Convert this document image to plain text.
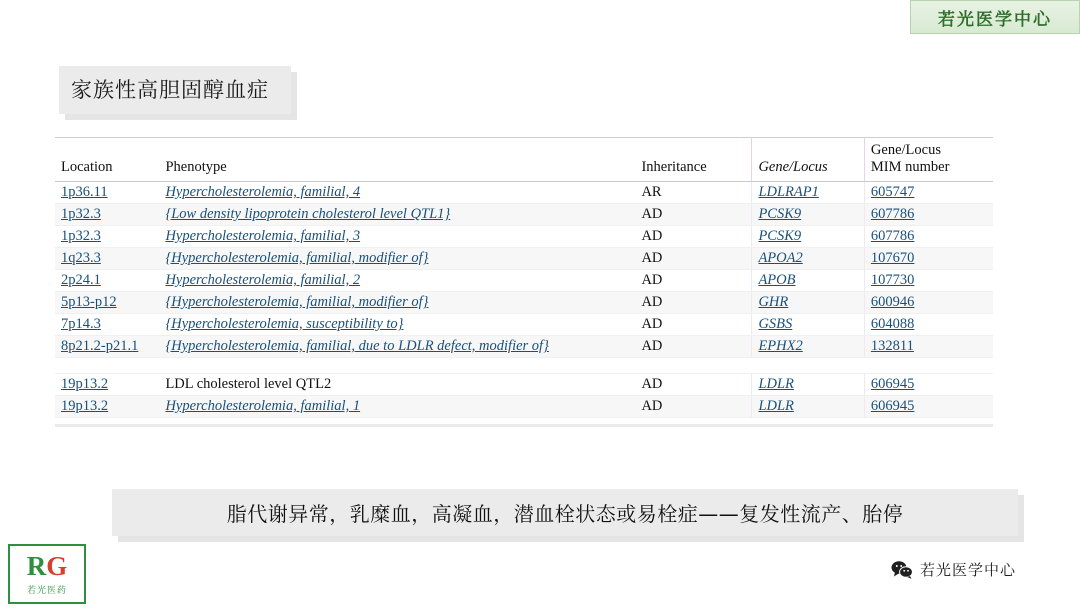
若光医学中心
家族性高胆固醇血症
Location	Phenotype	Inheritance	Gene/Locus	Gene/Locus
MIM number

1p36.11	Hypercholesterolemia, familial, 4	AR	LDLRAP1	605747
1p32.3	{Low density lipoprotein cholesterol level QTL1}	AD	PCSK9	607786
1p32.3	Hypercholesterolemia, familial, 3	AD	PCSK9	607786
1q23.3	{Hypercholesterolemia, familial, modifier of}	AD	APOA2	107670
2p24.1	Hypercholesterolemia, familial, 2	AD	APOB	107730
5p13-p12	{Hypercholesterolemia, familial, modifier of}	AD	GHR	600946
7p14.3	{Hypercholesterolemia, susceptibility to}	AD	GSBS	604088
8p21.2-p21.1	{Hypercholesterolemia, familial, due to LDLR defect, modifier of}	AD	EPHX2	132811

19p13.2	LDL cholesterol level QTL2	AD	LDLR	606945
19p13.2	Hypercholesterolemia, familial, 1	AD	LDLR	606945
脂代谢异常，乳糜血，高凝血，潜血栓状态或易栓症——复发性流产、胎停
RG
若光医药
若光医学中心
